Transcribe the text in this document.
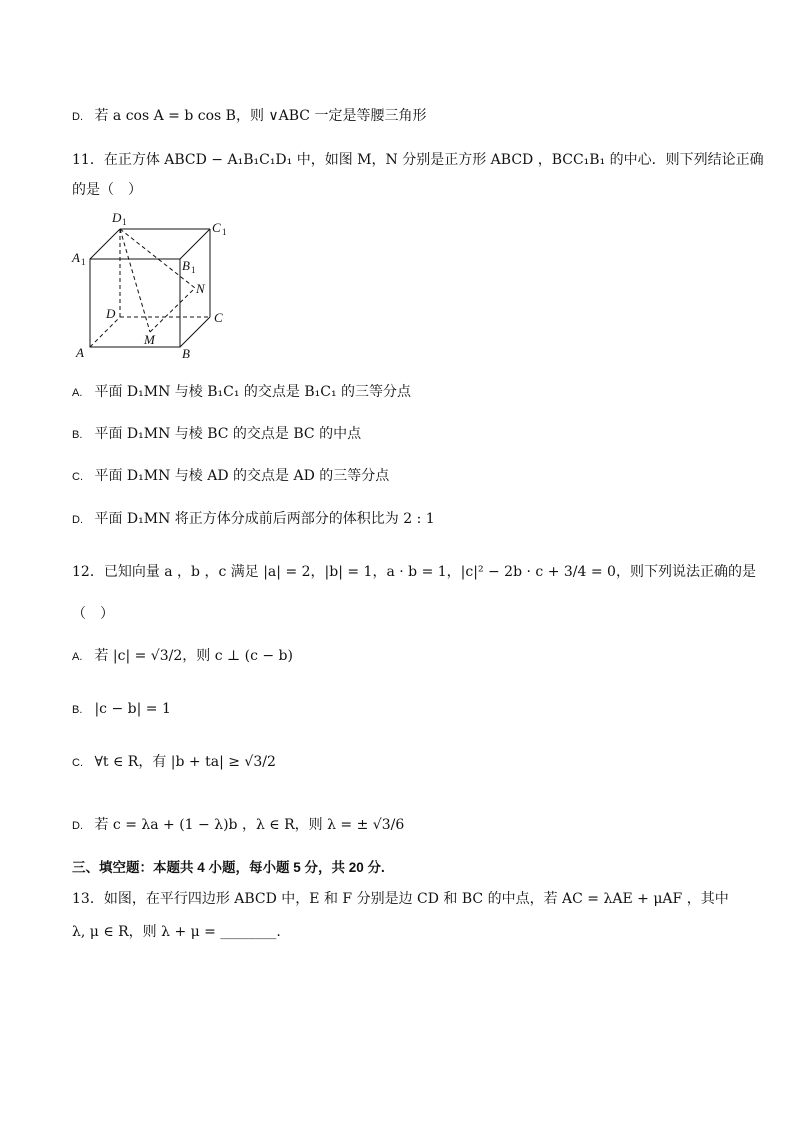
D. 若 a cos A = b cos B，则 ∨ABC 一定是等腰三角形
11．在正方体 ABCD − A₁B₁C₁D₁ 中，如图 M，N 分别是正方形 ABCD ，BCC₁B₁ 的中心．则下列结论正确
的是（　）
D 1	C 1
A 1	B 1
N
D	C
A
M
B
A. 平面 D₁MN 与棱 B₁C₁ 的交点是 B₁C₁ 的三等分点
B. 平面 D₁MN 与棱 BC 的交点是 BC 的中点
C. 平面 D₁MN 与棱 AD 的交点是 AD 的三等分点
D. 平面 D₁MN 将正方体分成前后两部分的体积比为 2 : 1
12．已知向量 a ，b ，c 满足 |a| = 2，|b| = 1，a · b = 1，|c|² − 2b · c + 3/4 = 0，则下列说法正确的是
（　）
A. 若 |c| = √3/2，则 c ⊥ (c − b)
B. |c − b| = 1
C. ∀t ∈ R，有 |b + ta| ≥ √3/2
D. 若 c = λa + (1 − λ)b ，λ ∈ R，则 λ = ± √3/6
三、填空题：本题共 4 小题，每小题 5 分，共 20 分.
13．如图，在平行四边形 ABCD 中，E 和 F 分别是边 CD 和 BC 的中点，若 AC = λAE + μAF ，其中
λ, μ ∈ R，则 λ + μ = ________.
